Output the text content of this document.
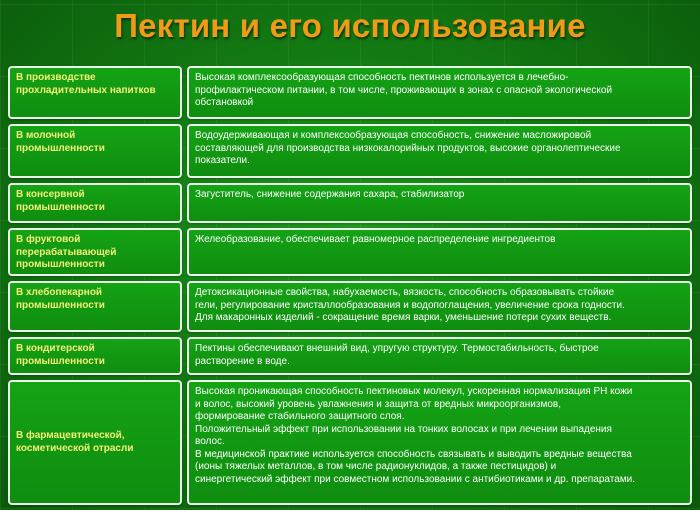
Пектин и его использование
В производстве
прохладительных напитков
Высокая комплексообразующая способность пектинов используется в лечебно-
профилактическом питании, в том числе, проживающих в зонах с опасной экологической
обстановкой
В молочной
промышленности
Водоудерживающая и комплексообразующая способность, снижение масложировой
составляющей для производства низкокалорийных продуктов, высокие органолептические
показатели.
В консервной
промышленности
Загуститель, снижение содержания сахара, стабилизатор
В фруктовой
перерабатывающей
промышленности
Желеобразование, обеспечивает равномерное распределение ингредиентов
В хлебопекарной
промышленности
Детоксикационные свойства, набухаемость, вязкость, способность образовывать стойкие
гели, регулирование кристаллообразования и водопоглащения, увеличение срока годности.
Для макаронных изделий - сокращение время варки, уменьшение потери сухих веществ.
В кондитерской
промышленности
Пектины обеспечивают внешний вид, упругую структуру. Термостабильность, быстрое
растворение в воде.
В фармацевтической,
косметической отрасли
Высокая проникающая способность пектиновых молекул, ускоренная нормализация PH кожи
и волос, высокий уровень увлажнения и защита от вредных микроорганизмов,
формирование стабильного защитного слоя.
Положительный эффект при использовании на тонких волосах и при лечении выпадения
волос.
В медицинской практике используется способность связывать и выводить вредные вещества
(ионы тяжелых металлов, в том числе радионуклидов, а также пестицидов) и
синергетический эффект при совместном использовании с антибиотиками и др. препаратами.
